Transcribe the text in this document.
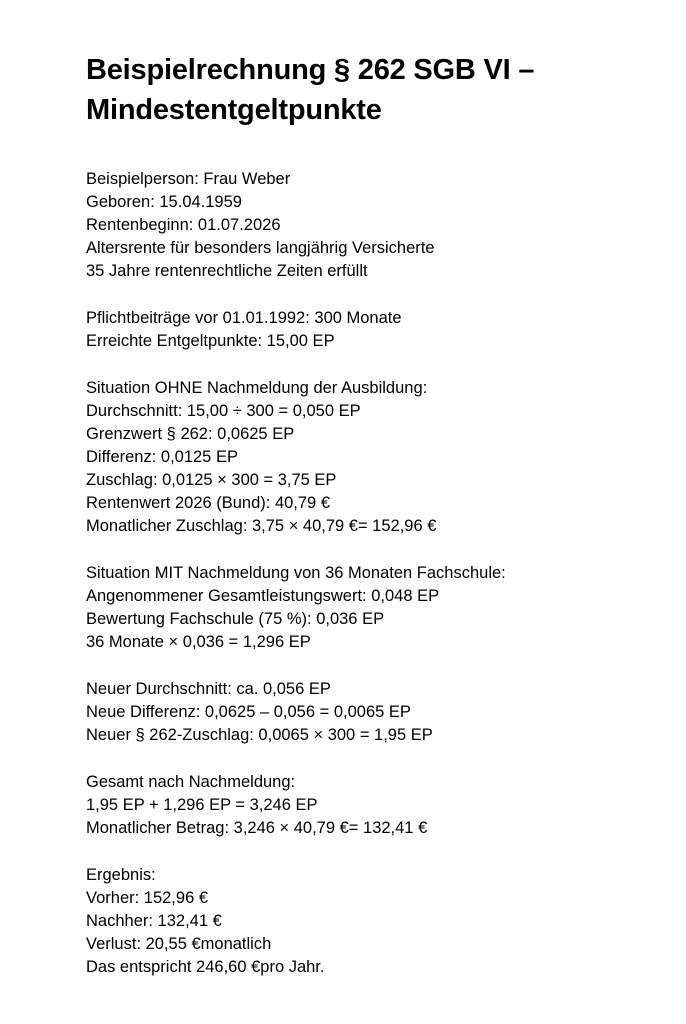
Beispielrechnung § 262 SGB VI –
Mindestentgeltpunkte
Beispielperson: Frau Weber
Geboren: 15.04.1959
Rentenbeginn: 01.07.2026
Altersrente für besonders langjährig Versicherte
35 Jahre rentenrechtliche Zeiten erfüllt
Pflichtbeiträge vor 01.01.1992: 300 Monate
Erreichte Entgeltpunkte: 15,00 EP
Situation OHNE Nachmeldung der Ausbildung:
Durchschnitt: 15,00 ÷ 300 = 0,050 EP
Grenzwert § 262: 0,0625 EP
Differenz: 0,0125 EP
Zuschlag: 0,0125 × 300 = 3,75 EP
Rentenwert 2026 (Bund): 40,79 €
Monatlicher Zuschlag: 3,75 × 40,79 €= 152,96 €
Situation MIT Nachmeldung von 36 Monaten Fachschule:
Angenommener Gesamtleistungswert: 0,048 EP
Bewertung Fachschule (75 %): 0,036 EP
36 Monate × 0,036 = 1,296 EP
Neuer Durchschnitt: ca. 0,056 EP
Neue Differenz: 0,0625 – 0,056 = 0,0065 EP
Neuer § 262-Zuschlag: 0,0065 × 300 = 1,95 EP
Gesamt nach Nachmeldung:
1,95 EP + 1,296 EP = 3,246 EP
Monatlicher Betrag: 3,246 × 40,79 €= 132,41 €
Ergebnis:
Vorher: 152,96 €
Nachher: 132,41 €
Verlust: 20,55 €monatlich
Das entspricht 246,60 €pro Jahr.
